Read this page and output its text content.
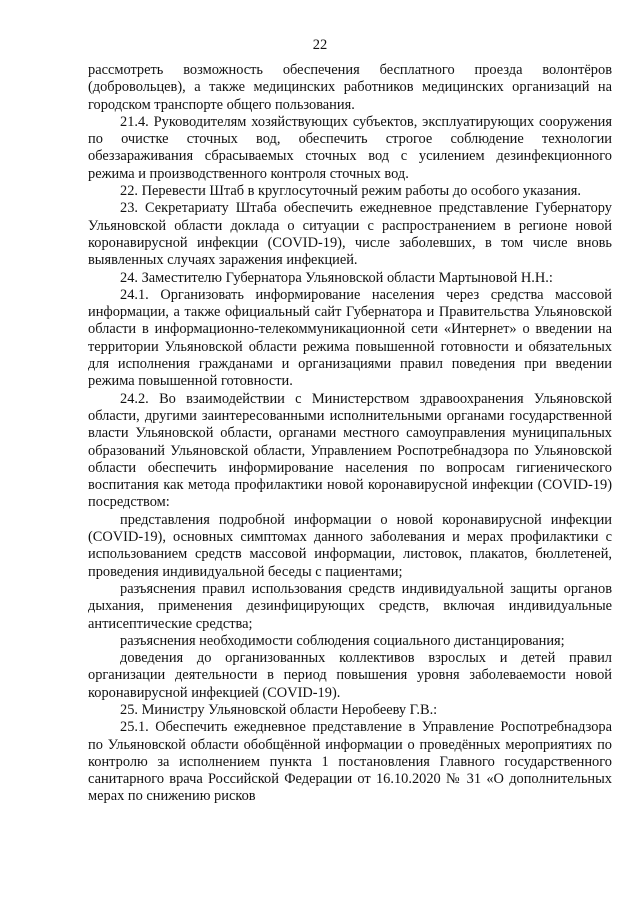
22

рассмотреть возможность обеспечения бесплатного проезда волонтёров (добровольцев), а также медицинских работников медицинских организаций на городском транспорте общего пользования.

21.4. Руководителям хозяйствующих субъектов, эксплуатирующих сооружения по очистке сточных вод, обеспечить строгое соблюдение технологии обеззараживания сбрасываемых сточных вод с усилением дезинфекционного режима и производственного контроля сточных вод.

22. Перевести Штаб в круглосуточный режим работы до особого указания.

23. Секретариату Штаба обеспечить ежедневное представление Губернатору Ульяновской области доклада о ситуации с распространением в регионе новой коронавирусной инфекции (COVID-19), числе заболевших, в том числе вновь выявленных случаях заражения инфекцией.

24. Заместителю Губернатора Ульяновской области Мартыновой Н.Н.:

24.1. Организовать информирование населения через средства массовой информации, а также официальный сайт Губернатора и Правительства Ульяновской области в информационно-телекоммуникационной сети «Интернет» о введении на территории Ульяновской области режима повышенной готовности и обязательных для исполнения гражданами и организациями правил поведения при введении режима повышенной готовности.

24.2. Во взаимодействии с Министерством здравоохранения Ульяновской области, другими заинтересованными исполнительными органами государственной власти Ульяновской области, органами местного самоуправления муниципальных образований Ульяновской области, Управлением Роспотребнадзора по Ульяновской области обеспечить информирование населения по вопросам гигиенического воспитания как метода профилактики новой коронавирусной инфекции (COVID-19) посредством:

представления подробной информации о новой коронавирусной инфекции (COVID-19), основных симптомах данного заболевания и мерах профилактики с использованием средств массовой информации, листовок, плакатов, бюллетеней, проведения индивидуальной беседы с пациентами;

разъяснения правил использования средств индивидуальной защиты органов дыхания, применения дезинфицирующих средств, включая индивидуальные антисептические средства;

разъяснения необходимости соблюдения социального дистанцирования;

доведения до организованных коллективов взрослых и детей правил организации деятельности в период повышения уровня заболеваемости новой коронавирусной инфекцией (COVID-19).

25. Министру Ульяновской области Неробееву Г.В.:

25.1. Обеспечить ежедневное представление в Управление Роспотребнадзора по Ульяновской области обобщённой информации о проведённых мероприятиях по контролю за исполнением пункта 1 постановления Главного государственного санитарного врача Российской Федерации от 16.10.2020 № 31 «О дополнительных мерах по снижению рисков
